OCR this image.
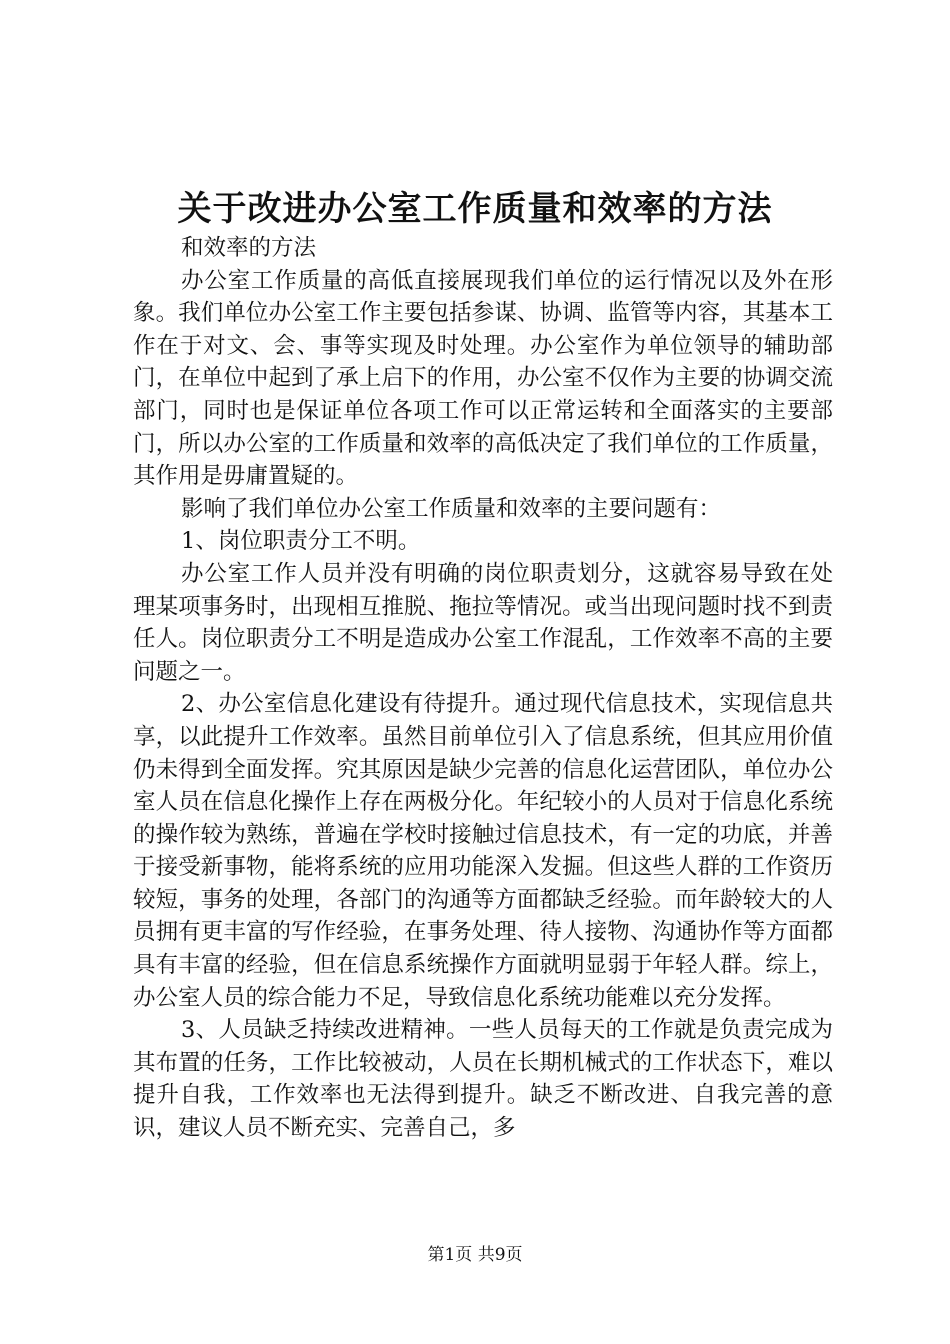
关于改进办公室工作质量和效率的方法

和效率的方法

办公室工作质量的高低直接展现我们单位的运行情况以及外在形象。我们单位办公室工作主要包括参谋、协调、监管等内容，其基本工作在于对文、会、事等实现及时处理。办公室作为单位领导的辅助部门，在单位中起到了承上启下的作用，办公室不仅作为主要的协调交流部门，同时也是保证单位各项工作可以正常运转和全面落实的主要部门，所以办公室的工作质量和效率的高低决定了我们单位的工作质量，其作用是毋庸置疑的。

影响了我们单位办公室工作质量和效率的主要问题有：

1、岗位职责分工不明。

办公室工作人员并没有明确的岗位职责划分，这就容易导致在处理某项事务时，出现相互推脱、拖拉等情况。或当出现问题时找不到责任人。岗位职责分工不明是造成办公室工作混乱，工作效率不高的主要问题之一。

2、办公室信息化建设有待提升。通过现代信息技术，实现信息共享，以此提升工作效率。虽然目前单位引入了信息系统，但其应用价值仍未得到全面发挥。究其原因是缺少完善的信息化运营团队，单位办公室人员在信息化操作上存在两极分化。年纪较小的人员对于信息化系统的操作较为熟练，普遍在学校时接触过信息技术，有一定的功底，并善于接受新事物，能将系统的应用功能深入发掘。但这些人群的工作资历较短，事务的处理，各部门的沟通等方面都缺乏经验。而年龄较大的人员拥有更丰富的写作经验，在事务处理、待人接物、沟通协作等方面都具有丰富的经验，但在信息系统操作方面就明显弱于年轻人群。综上，办公室人员的综合能力不足，导致信息化系统功能难以充分发挥。

3、人员缺乏持续改进精神。一些人员每天的工作就是负责完成为其布置的任务，工作比较被动，人员在长期机械式的工作状态下，难以提升自我，工作效率也无法得到提升。缺乏不断改进、自我完善的意识，建议人员不断充实、完善自己，多

第1页 共9页
